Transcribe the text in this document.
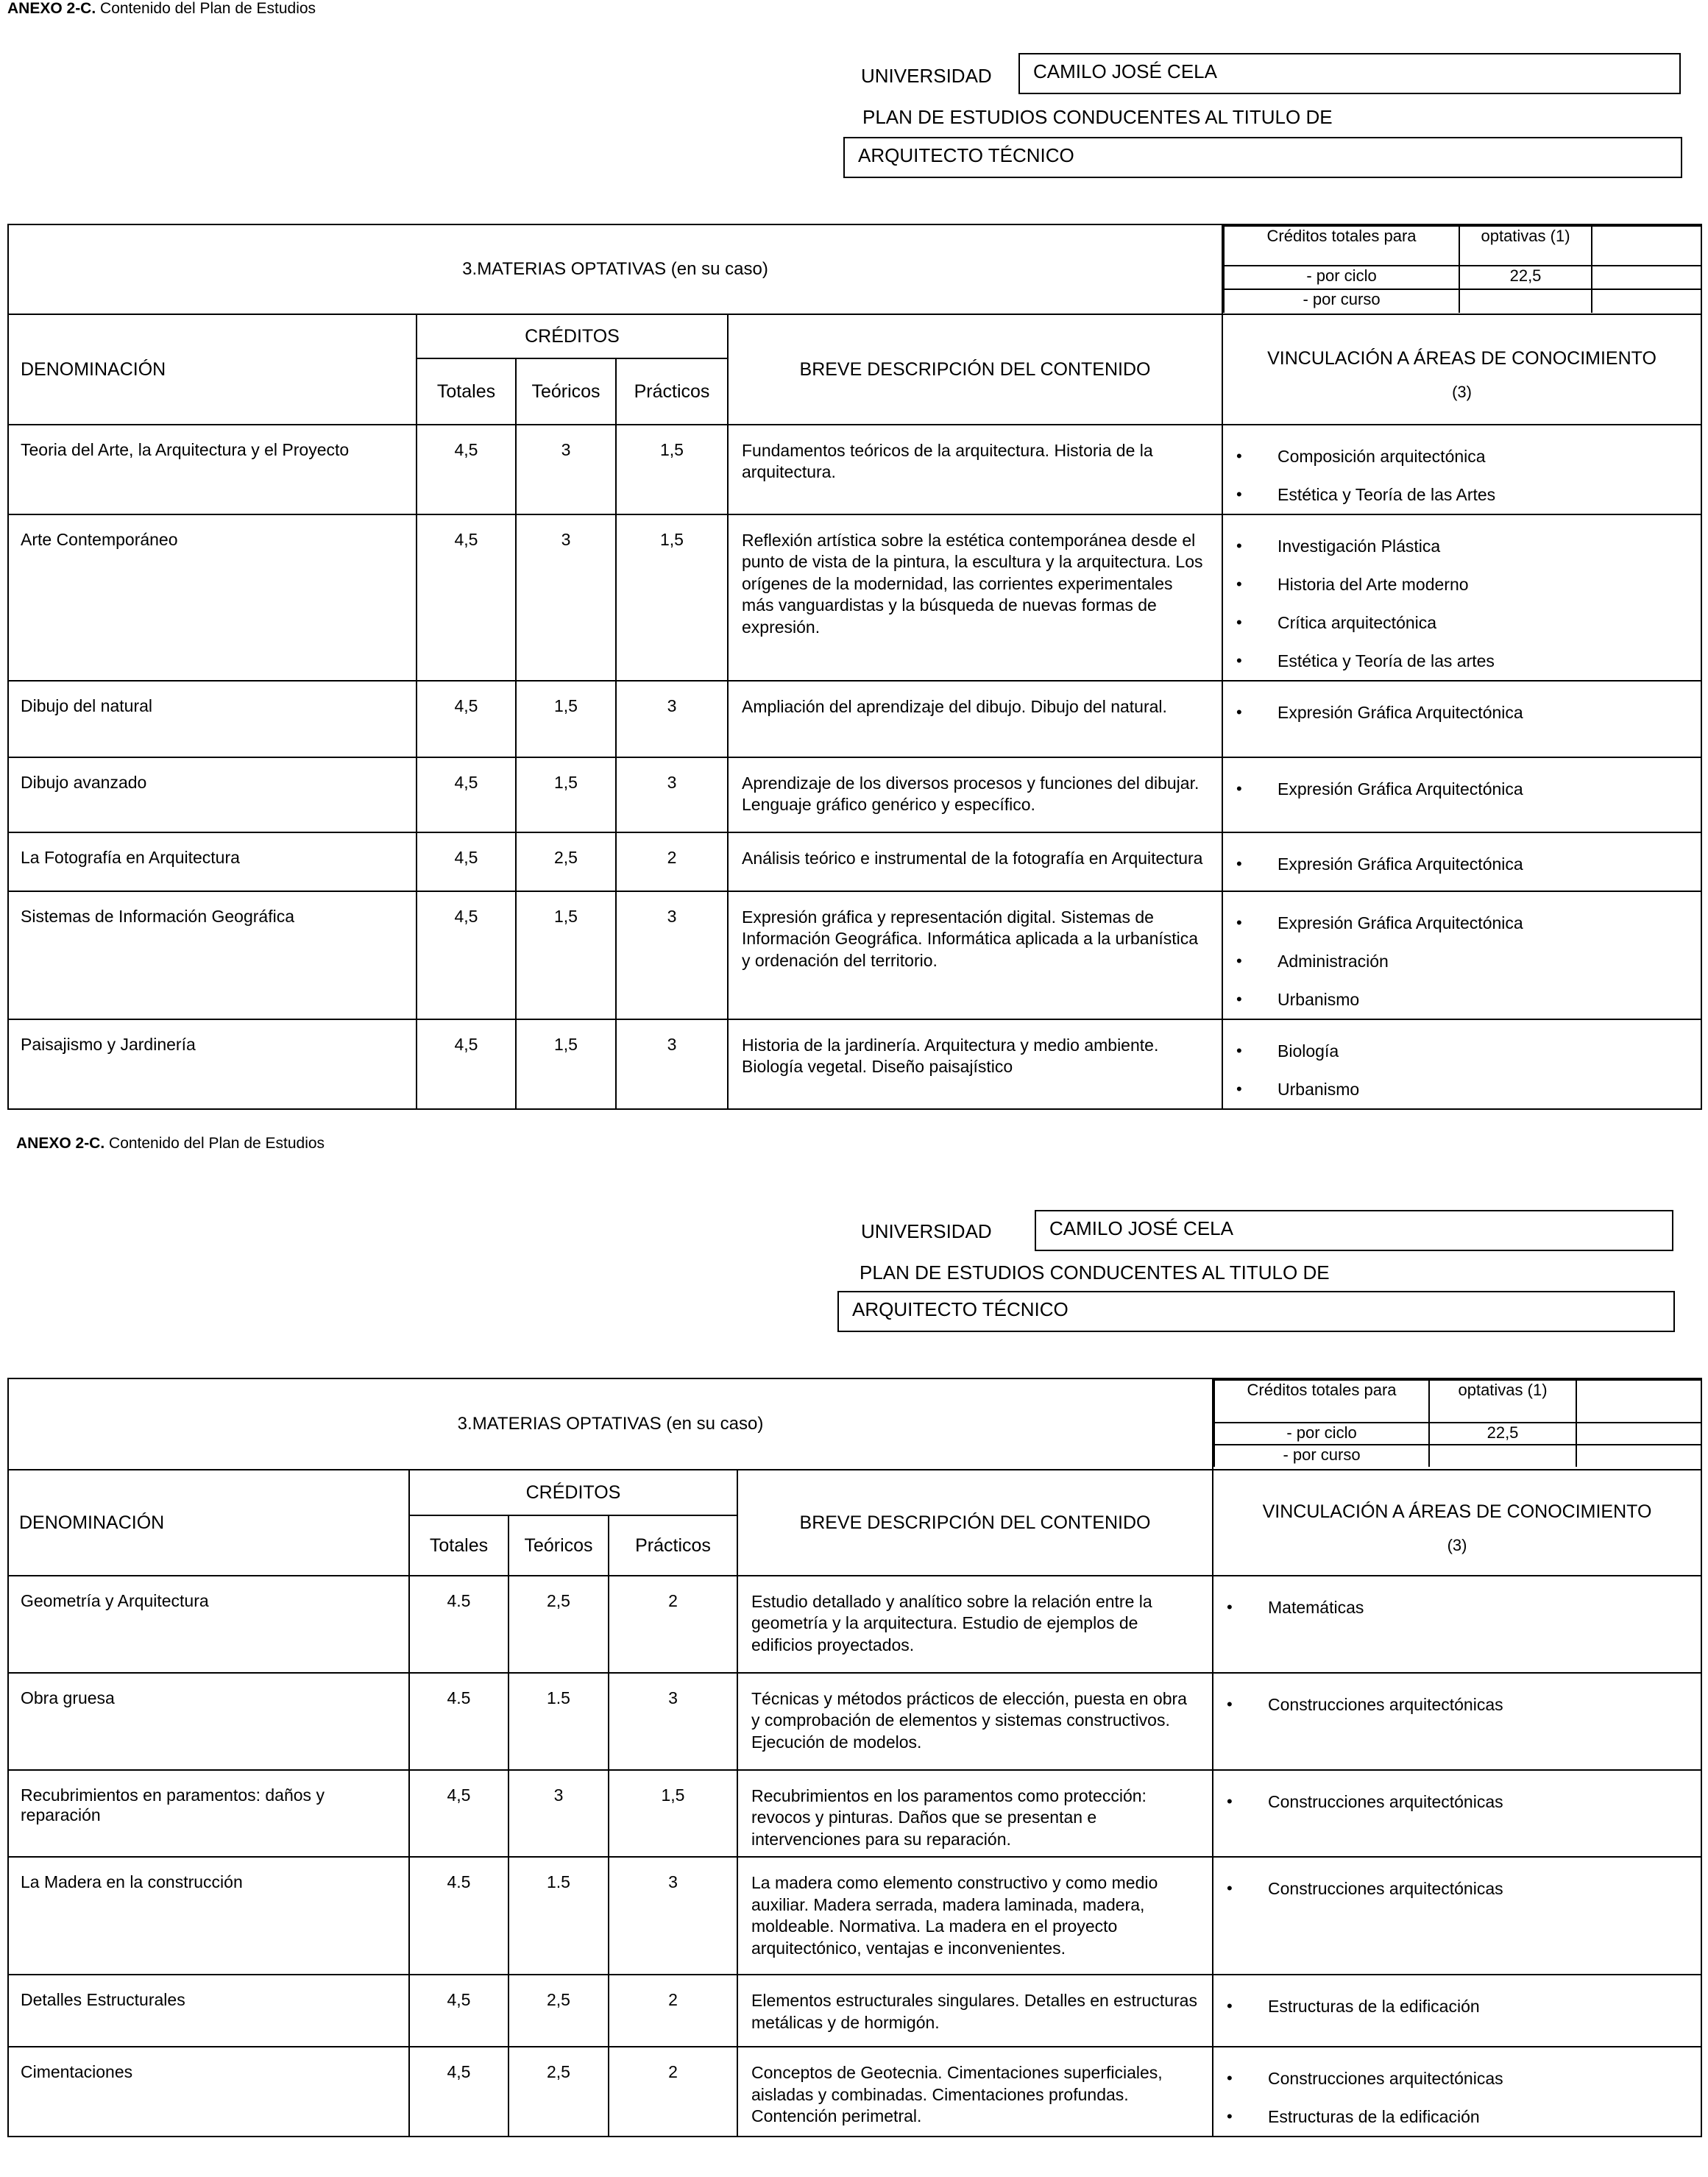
ANEXO 2-C. Contenido del Plan de Estudios
UNIVERSIDAD	CAMILO JOSÉ CELA
PLAN DE ESTUDIOS CONDUCENTES AL TITULO DE
ARQUITECTO TÉCNICO
3.MATERIAS OPTATIVAS (en su caso)	
Créditos totales para	optativas (1)	
- por ciclo	22,5	
- por curso		

DENOMINACIÓN	CRÉDITOS	BREVE DESCRIPCIÓN DEL CONTENIDO	
VINCULACIÓN A ÁREAS DE CONOCIMIENTO
(3)

Totales	Teóricos	Prácticos
Teoria del Arte, la Arquitectura y el Proyecto	4,5	3	1,5	Fundamentos teóricos de la arquitectura. Historia de la arquitectura.	
• Composición arquitectónica
• Estética y Teoría de las Artes

Arte Contemporáneo	4,5	3	1,5	Reflexión artística sobre la estética contemporánea desde el punto de vista de la pintura, la escultura y la arquitectura. Los orígenes de la modernidad, las corrientes experimentales más vanguardistas y la búsqueda de nuevas formas de expresión.	
• Investigación Plástica
• Historia del Arte moderno
• Crítica arquitectónica
• Estética y Teoría de las artes

Dibujo del natural	4,5	1,5	3	Ampliación del aprendizaje del dibujo. Dibujo del natural.	
•Expresión Gráfica Arquitectónica

Dibujo avanzado	4,5	1,5	3	Aprendizaje de los diversos procesos y funciones del dibujar. Lenguaje gráfico genérico y específico.	
• Expresión Gráfica Arquitectónica

La Fotografía en Arquitectura	4,5	2,5	2	Análisis teórico e instrumental de la fotografía en Arquitectura	
•Expresión Gráfica Arquitectónica

Sistemas de Información Geográfica	4,5	1,5	3	Expresión gráfica y representación digital. Sistemas de Información Geográfica. Informática aplicada a la urbanística y ordenación del territorio.	
• Expresión Gráfica Arquitectónica
• Administración
• Urbanismo

Paisajismo y Jardinería	4,5	1,5	3	Historia de la jardinería. Arquitectura y medio ambiente. Biología vegetal. Diseño paisajístico	
• Biología
• Urbanismo
ANEXO 2-C. Contenido del Plan de Estudios
UNIVERSIDAD	CAMILO JOSÉ CELA
PLAN DE ESTUDIOS CONDUCENTES AL TITULO DE
ARQUITECTO TÉCNICO
3.MATERIAS OPTATIVAS (en su caso)	
Créditos totales para	optativas (1)	
- por ciclo	22,5	
- por curso		

DENOMINACIÓN	CRÉDITOS	BREVE DESCRIPCIÓN DEL CONTENIDO	
VINCULACIÓN A ÁREAS DE CONOCIMIENTO
(3)

Totales	Teóricos	Prácticos
Geometría y Arquitectura	4.5	2,5	2	Estudio detallado y analítico sobre la relación entre la geometría y la arquitectura. Estudio de ejemplos de edificios proyectados.	
• Matemáticas

Obra gruesa	4.5	1.5	3	Técnicas y métodos prácticos de elección, puesta en obra y comprobación de elementos y sistemas constructivos. Ejecución de modelos.	
• Construcciones arquitectónicas

Recubrimientos en paramentos: daños y reparación	4,5	3	1,5	Recubrimientos en los paramentos como protección: revocos y pinturas. Daños que se presentan e intervenciones para su reparación.	
• Construcciones arquitectónicas

La Madera en la construcción	4.5	1.5	3	La madera como elemento constructivo y como medio auxiliar. Madera serrada, madera laminada, madera, moldeable. Normativa. La madera en el proyecto arquitectónico, ventajas e inconvenientes.	
• Construcciones arquitectónicas

Detalles Estructurales	4,5	2,5	2	Elementos estructurales singulares. Detalles en estructuras metálicas y de hormigón.	
• Estructuras de la edificación

Cimentaciones	4,5	2,5	2	Conceptos de Geotecnia. Cimentaciones superficiales, aisladas y combinadas. Cimentaciones profundas. Contención perimetral.	
• Construcciones arquitectónicas
• Estructuras de la edificación
